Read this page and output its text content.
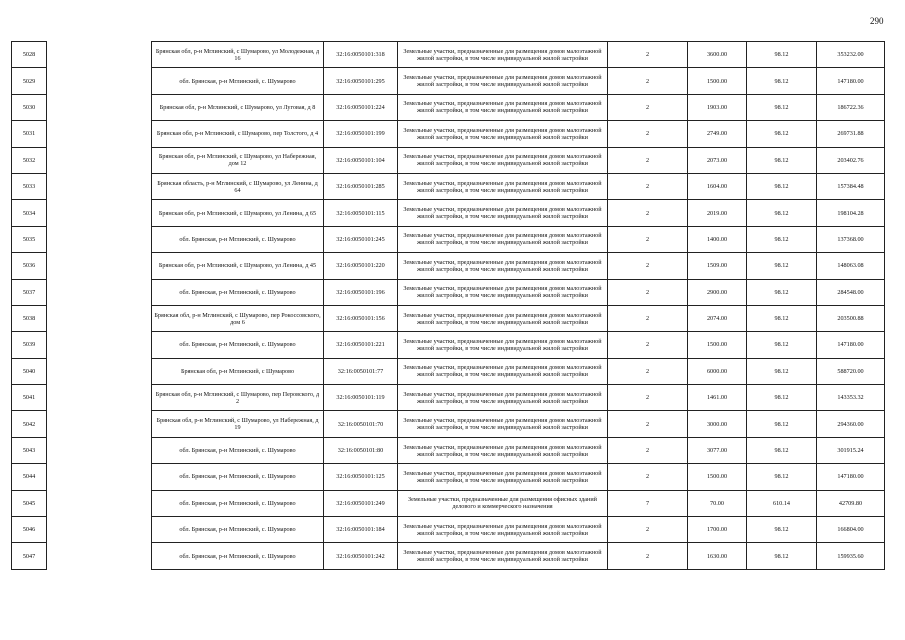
290
5028		Брянская обл, р-н Мглинский, с Шумарово, ул Молодежная, д 16	32:16:0050101:318	Земельные участки, предназначенные для размещения домов малоэтажной жилой застройки, в том числе индивидуальной жилой застройки	2	3600.00	98.12	353232.00
5029		обл. Брянская, р-н Мглинский, с. Шумарово	32:16:0050101:295	Земельные участки, предназначенные для размещения домов малоэтажной жилой застройки, в том числе индивидуальной жилой застройки	2	1500.00	98.12	147180.00
5030		Брянская обл, р-н Мглинский, с Шумарово, ул Луговая, д 8	32:16:0050101:224	Земельные участки, предназначенные для размещения домов малоэтажной жилой застройки, в том числе индивидуальной жилой застройки	2	1903.00	98.12	186722.36
5031		Брянская обл, р-н Мглинский, с Шумарово, пер Толстого, д 4	32:16:0050101:199	Земельные участки, предназначенные для размещения домов малоэтажной жилой застройки, в том числе индивидуальной жилой застройки	2	2749.00	98.12	269731.88
5032		Брянская обл, р-н Мглинский, с Шумарово, ул Набережная, дом 12	32:16:0050101:104	Земельные участки, предназначенные для размещения домов малоэтажной жилой застройки, в том числе индивидуальной жилой застройки	2	2073.00	98.12	203402.76
5033		Брянская область, р-н Мглинский, с Шумарово, ул Ленина, д 64	32:16:0050101:285	Земельные участки, предназначенные для размещения домов малоэтажной жилой застройки, в том числе индивидуальной жилой застройки	2	1604.00	98.12	157384.48
5034		Брянская обл, р-н Мглинский, с Шумарово, ул Ленина, д 65	32:16:0050101:115	Земельные участки, предназначенные для размещения домов малоэтажной жилой застройки, в том числе индивидуальной жилой застройки	2	2019.00	98.12	198104.28
5035		обл. Брянская, р-н Мглинский, с. Шумарово	32:16:0050101:245	Земельные участки, предназначенные для размещения домов малоэтажной жилой застройки, в том числе индивидуальной жилой застройки	2	1400.00	98.12	137368.00
5036		Брянская обл, р-н Мглинский, с Шумарово, ул Ленина, д 45	32:16:0050101:220	Земельные участки, предназначенные для размещения домов малоэтажной жилой застройки, в том числе индивидуальной жилой застройки	2	1509.00	98.12	148063.08
5037		обл. Брянская, р-н Мглинский, с. Шумарово	32:16:0050101:196	Земельные участки, предназначенные для размещения домов малоэтажной жилой застройки, в том числе индивидуальной жилой застройки	2	2900.00	98.12	284548.00
5038		Брянская обл, р-н Мглинский, с Шумарово, пер Рокоссовского, дом 6	32:16:0050101:156	Земельные участки, предназначенные для размещения домов малоэтажной жилой застройки, в том числе индивидуальной жилой застройки	2	2074.00	98.12	203500.88
5039		обл. Брянская, р-н Мглинский, с. Шумарово	32:16:0050101:221	Земельные участки, предназначенные для размещения домов малоэтажной жилой застройки, в том числе индивидуальной жилой застройки	2	1500.00	98.12	147180.00
5040		Брянская обл, р-н Мглинский, с Шумарово	32:16:0050101:77	Земельные участки, предназначенные для размещения домов малоэтажной жилой застройки, в том числе индивидуальной жилой застройки	2	6000.00	98.12	588720.00
5041		Брянская обл, р-н Мглинский, с Шумарово, пер Перовского, д 2	32:16:0050101:119	Земельные участки, предназначенные для размещения домов малоэтажной жилой застройки, в том числе индивидуальной жилой застройки	2	1461.00	98.12	143353.32
5042		Брянская обл, р-н Мглинский, с Шумарово, ул Набережная, д 19	32:16:0050101:70	Земельные участки, предназначенные для размещения домов малоэтажной жилой застройки, в том числе индивидуальной жилой застройки	2	3000.00	98.12	294360.00
5043		обл. Брянская, р-н Мглинский, с. Шумарово	32:16:0050101:80	Земельные участки, предназначенные для размещения домов малоэтажной жилой застройки, в том числе индивидуальной жилой застройки	2	3077.00	98.12	301915.24
5044		обл. Брянская, р-н Мглинский, с. Шумарово	32:16:0050101:125	Земельные участки, предназначенные для размещения домов малоэтажной жилой застройки, в том числе индивидуальной жилой застройки	2	1500.00	98.12	147180.00
5045		обл. Брянская, р-н Мглинский, с. Шумарово	32:16:0050101:249	Земельные участки, предназначенные для размещения офисных зданий делового и коммерческого назначения	7	70.00	610.14	42709.80
5046		обл. Брянская, р-н Мглинский, с. Шумарово	32:16:0050101:184	Земельные участки, предназначенные для размещения домов малоэтажной жилой застройки, в том числе индивидуальной жилой застройки	2	1700.00	98.12	166804.00
5047		обл. Брянская, р-н Мглинский, с. Шумарово	32:16:0050101:242	Земельные участки, предназначенные для размещения домов малоэтажной жилой застройки, в том числе индивидуальной жилой застройки	2	1630.00	98.12	159935.60
